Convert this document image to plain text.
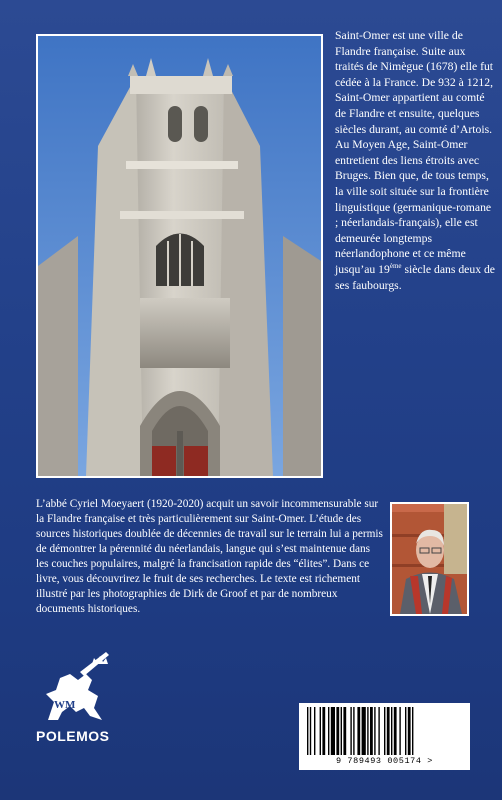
Saint-Omer est une ville de Flandre française. Suite aux traités de Nimègue (1678) elle fut cédée à la France. De 932 à 1212, Saint-Omer appartient au comté de Flandre et ensuite, quelques siècles durant, au comté d’Artois. Au Moyen Age, Saint-Omer entretient des liens étroits avec Bruges. Bien que, de tous temps, la ville soit située sur la frontière linguistique (germanique-romane ; néerlandais-français), elle est demeurée longtemps néerlandophone et ce même jusqu’au 19ème siècle dans deux de ses faubourgs.

L’abbé Cyriel Moeyaert (1920-2020) acquit un savoir incommensurable sur la Flandre française et très particulièrement sur Saint-Omer. L’étude des sources historiques doublée de décennies de travail sur le terrain lui a permis de démontrer la pérennité du néerlandais, langue qui s’est maintenue dans les couches populaires, malgré la francisation rapide des “élites”. Dans ce livre, vous découvrirez le fruit de ses recherches. Le texte est richement illustré par les photographies de Dirk de Groof et par de nombreux documents historiques.

WM
POLEMOS
9 789493 005174 >
